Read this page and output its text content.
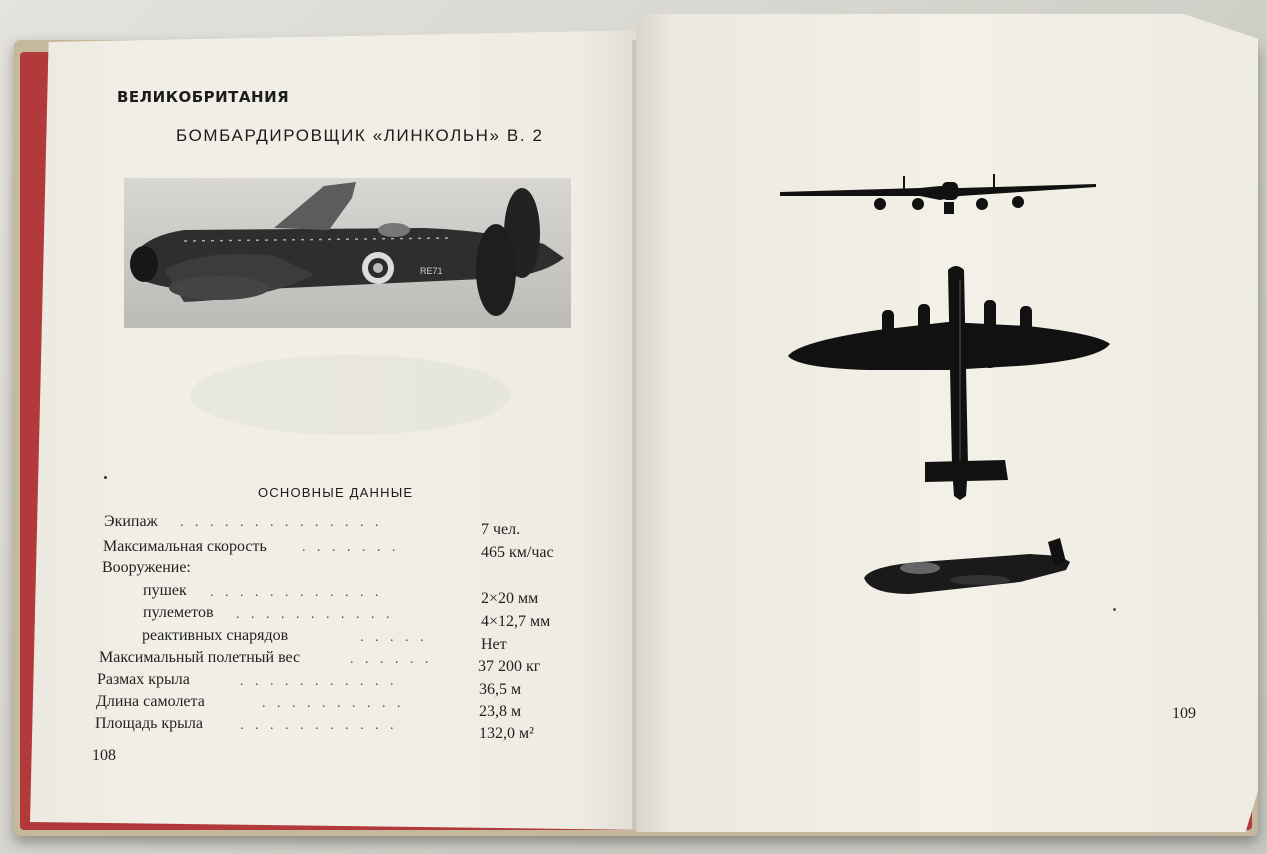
ВЕЛИКОБРИТАНИЯ
БОМБАРДИРОВЩИК «ЛИНКОЛЬН» В. 2
RE71
ОСНОВНЫЕ ДАННЫЕ
Экипаж . . . . . . . . . . . . . .	7 чел.
Максимальная скорость	. . . . . . .	465 км/час
Вооружение:
пушек . . . . . . . . . . . .	2×20 мм
пулеметов . . . . . . . . . . .	4×12,7 мм
реактивных снарядов	. . . . .	Нет
Максимальный полетный вес	. . . . . .	37 200 кг
Размах крыла	. . . . . . . . . . .	36,5 м
Длина самолета	. . . . . . . . . .	23,8 м
Площадь крыла	. . . . . . . . . . .	132,0 м²
108
109
